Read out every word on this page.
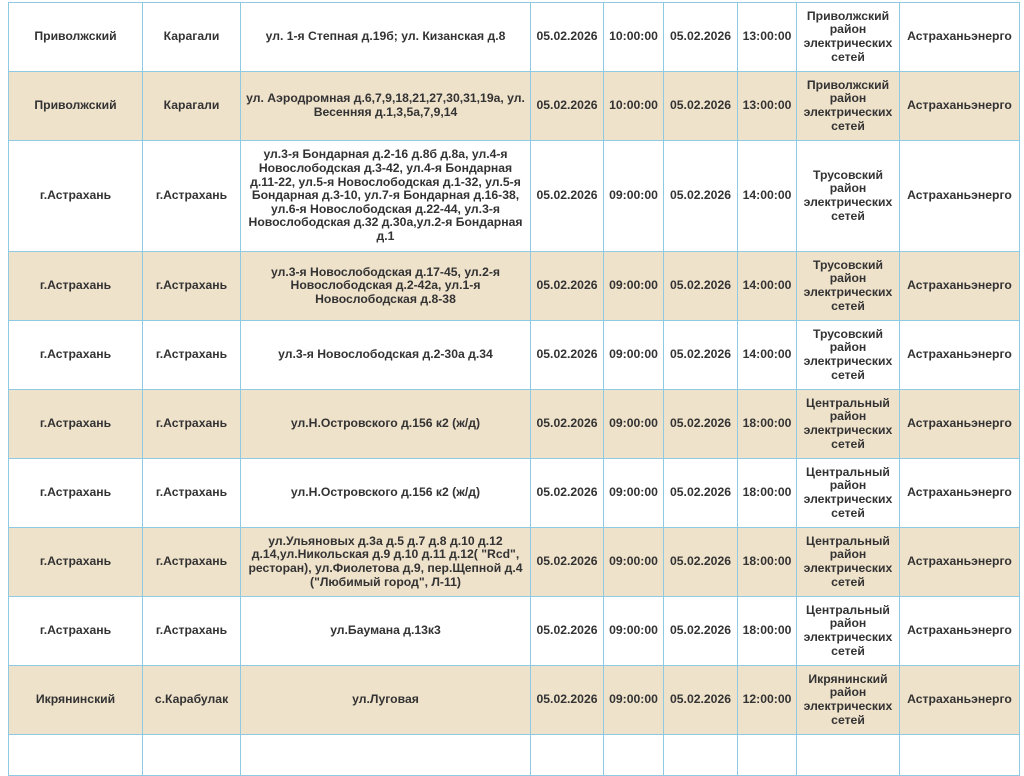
Приволжский	Карагали	ул. 1-я Степная д.19б; ул. Кизанская д.8	05.02.2026	10:00:00	05.02.2026	13:00:00	Приволжский район электрических сетей	Астраханьэнерго
Приволжский	Карагали	ул. Аэродромная д.6,7,9,18,21,27,30,31,19а, ул. Весенняя д.1,3,5а,7,9,14	05.02.2026	10:00:00	05.02.2026	13:00:00	Приволжский район электрических сетей	Астраханьэнерго
г.Астрахань	г.Астрахань	ул.3-я Бондарная д.2-16 д.8б д.8а, ул.4-я Новослободская д.3-42, ул.4-я Бондарная д.11-22, ул.5-я Новослободская д.1-32, ул.5-я Бондарная д.3-10, ул.7-я Бондарная д.16-38, ул.6-я Новослободская д.22-44, ул.3-я Новослободская д.32 д.30а,ул.2-я Бондарная д.1	05.02.2026	09:00:00	05.02.2026	14:00:00	Трусовский район электрических сетей	Астраханьэнерго
г.Астрахань	г.Астрахань	ул.3-я Новослободская д.17-45, ул.2-я Новослободская д.2-42а, ул.1-я Новослободская д.8-38	05.02.2026	09:00:00	05.02.2026	14:00:00	Трусовский район электрических сетей	Астраханьэнерго
г.Астрахань	г.Астрахань	ул.3-я Новослободская д.2-30а д.34	05.02.2026	09:00:00	05.02.2026	14:00:00	Трусовский район электрических сетей	Астраханьэнерго
г.Астрахань	г.Астрахань	ул.Н.Островского д.156 к2 (ж/д)	05.02.2026	09:00:00	05.02.2026	18:00:00	Центральный район электрических сетей	Астраханьэнерго
г.Астрахань	г.Астрахань	ул.Н.Островского д.156 к2 (ж/д)	05.02.2026	09:00:00	05.02.2026	18:00:00	Центральный район электрических сетей	Астраханьэнерго
г.Астрахань	г.Астрахань	ул.Ульяновых д.3а д.5 д.7 д.8 д.10 д.12 д.14,ул.Никольская д.9 д.10 д.11 д.12( "Rcd", ресторан), ул.Фиолетова д.9, пер.Щепной д.4 ("Любимый город", Л-11)	05.02.2026	09:00:00	05.02.2026	18:00:00	Центральный район электрических сетей	Астраханьэнерго
г.Астрахань	г.Астрахань	ул.Баумана д.13к3	05.02.2026	09:00:00	05.02.2026	18:00:00	Центральный район электрических сетей	Астраханьэнерго
Икрянинский	с.Карабулак	ул.Луговая	05.02.2026	09:00:00	05.02.2026	12:00:00	Икрянинский район электрических сетей	Астраханьэнерго
